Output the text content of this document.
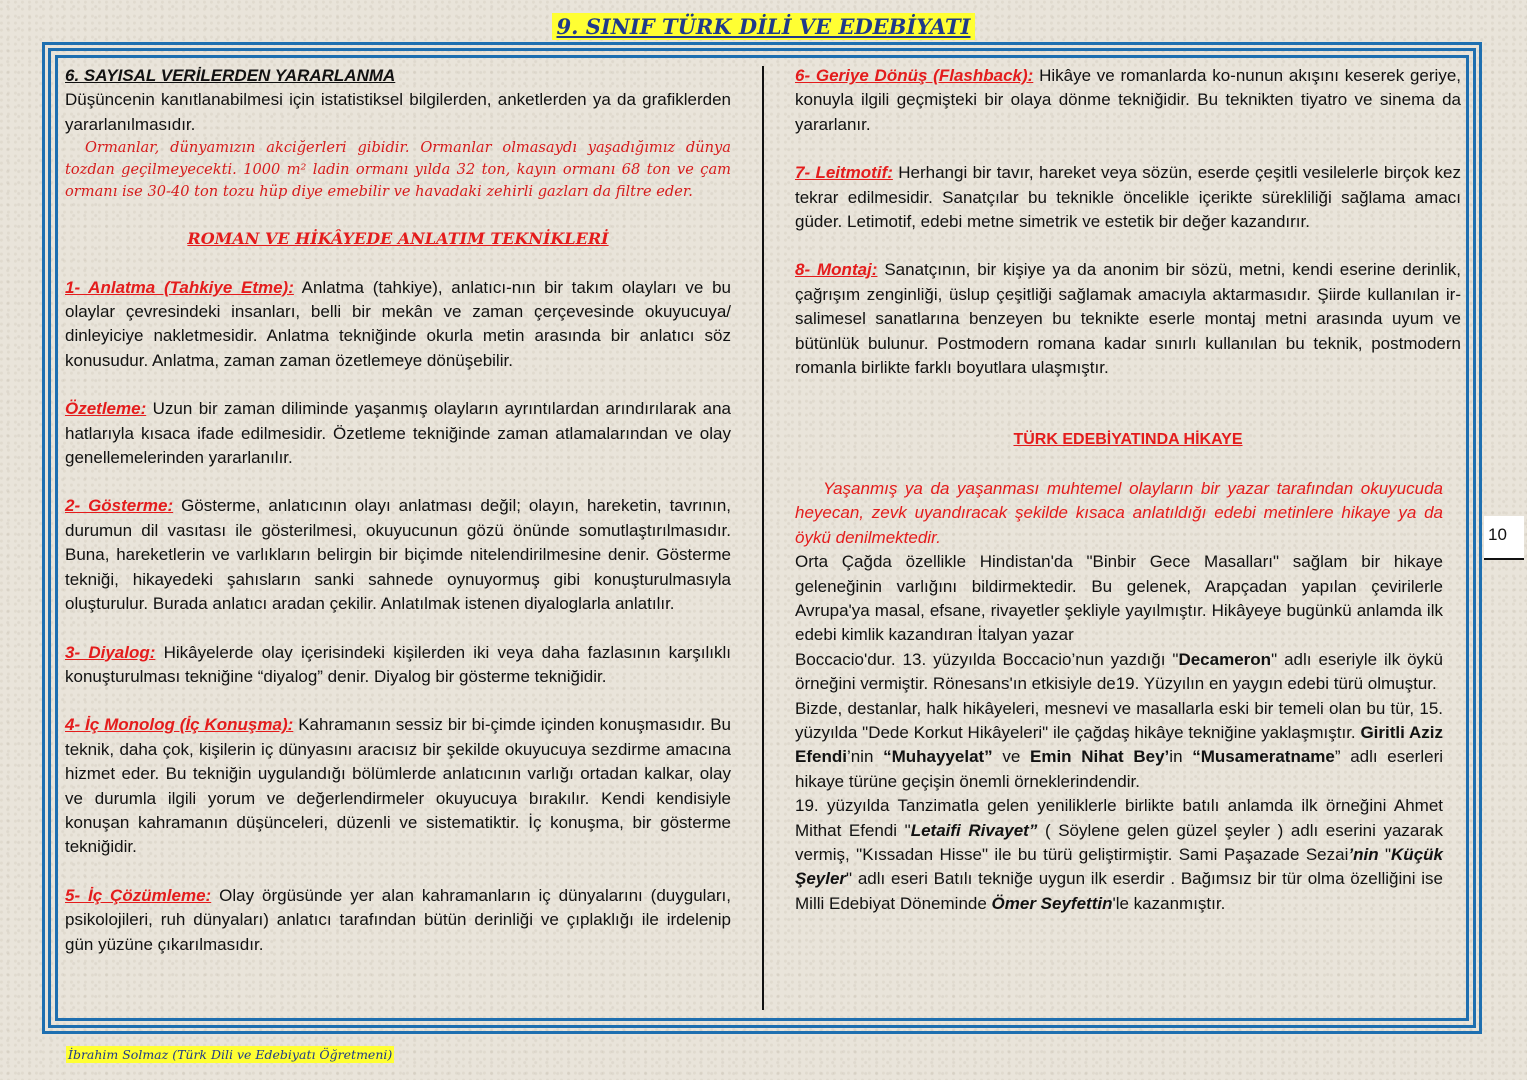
9. SINIF TÜRK DİLİ VE EDEBİYATI

6. SAYISAL VERİLERDEN YARARLANMA

Düşüncenin kanıtlanabilmesi için istatistiksel bilgilerden, anketlerden ya da grafiklerden yararlanılmasıdır.

Ormanlar, dünyamızın akciğerleri gibidir. Ormanlar olmasaydı yaşadığımız dünya tozdan geçilmeyecekti. 1000 m² ladin ormanı yılda 32 ton, kayın ormanı 68 ton ve çam ormanı ise 30-40 ton tozu hüp diye emebilir ve havadaki zehirli gazları da filtre eder.

ROMAN VE HİKÂYEDE ANLATIM TEKNİKLERİ

1- Anlatma (Tahkiye Etme): Anlatma (tahkiye), anlatıcı-nın bir takım olayları ve bu olaylar çevresindeki insanları, belli bir mekân ve zaman çerçevesinde okuyucuya/ dinleyiciye nakletmesidir. Anlatma tekniğinde okurla metin arasında bir anlatıcı söz konusudur. Anlatma, zaman zaman özetlemeye dönüşebilir.

Özetleme: Uzun bir zaman diliminde yaşanmış olayların ayrıntılardan arındırılarak ana hatlarıyla kısaca ifade edilmesidir. Özetleme tekniğinde zaman atlamalarından ve olay genellemelerinden yararlanılır.

2- Gösterme: Gösterme, anlatıcının olayı anlatması değil; olayın, hareketin, tavrının, durumun dil vasıtası ile gösterilmesi, okuyucunun gözü önünde somutlaştırılmasıdır. Buna, hareketlerin ve varlıkların belirgin bir biçimde nitelendirilmesine denir. Gösterme tekniği, hikayedeki şahısların sanki sahnede oynuyormuş gibi konuşturulmasıyla oluşturulur. Burada anlatıcı aradan çekilir. Anlatılmak istenen diyaloglarla anlatılır.

3- Diyalog: Hikâyelerde olay içerisindeki kişilerden iki veya daha fazlasının karşılıklı konuşturulması tekniğine “diyalog” denir. Diyalog bir gösterme tekniğidir.

4- İç Monolog (İç Konuşma): Kahramanın sessiz bir bi-çimde içinden konuşmasıdır. Bu teknik, daha çok, kişilerin iç dünyasını aracısız bir şekilde okuyucuya sezdirme amacına hizmet eder. Bu tekniğin uygulandığı bölümlerde anlatıcının varlığı ortadan kalkar, olay ve durumla ilgili yorum ve değerlendirmeler okuyucuya bırakılır. Kendi kendisiyle konuşan kahramanın düşünceleri, düzenli ve sistematiktir. İç konuşma, bir gösterme tekniğidir.

5- İç Çözümleme: Olay örgüsünde yer alan kahramanların iç dünyalarını (duyguları, psikolojileri, ruh dünyaları) anlatıcı tarafından bütün derinliği ve çıplaklığı ile irdelenip gün yüzüne çıkarılmasıdır.

6- Geriye Dönüş (Flashback): Hikâye ve romanlarda ko-nunun akışını keserek geriye, konuyla ilgili geçmişteki bir olaya dönme tekniğidir. Bu teknikten tiyatro ve sinema da yararlanır.

7- Leitmotif: Herhangi bir tavır, hareket veya sözün, eserde çeşitli vesilelerle birçok kez tekrar edilmesidir. Sanatçılar bu teknikle öncelikle içerikte sürekliliği sağlama amacı güder. Letimotif, edebi metne simetrik ve estetik bir değer kazandırır.

8- Montaj: Sanatçının, bir kişiye ya da anonim bir sözü, metni, kendi eserine derinlik, çağrışım zenginliği, üslup çeşitliği sağlamak amacıyla aktarmasıdır. Şiirde kullanılan ir-salimesel sanatlarına benzeyen bu teknikte eserle montaj metni arasında uyum ve bütünlük bulunur. Postmodern romana kadar sınırlı kullanılan bu teknik, postmodern romanla birlikte farklı boyutlara ulaşmıştır.

TÜRK EDEBİYATINDA HİKAYE

Yaşanmış ya da yaşanması muhtemel olayların bir yazar tarafından okuyucuda heyecan, zevk uyandıracak şekilde kısaca anlatıldığı edebi metinlere hikaye ya da öykü denilmektedir.

Orta Çağda özellikle Hindistan'da "Binbir Gece Masalları" sağlam bir hikaye geleneğinin varlığını bildirmektedir. Bu gelenek, Arapçadan yapılan çevirilerle Avrupa'ya masal, efsane, rivayetler şekliyle yayılmıştır. Hikâyeye bugünkü anlamda ilk edebi kimlik kazandıran İtalyan yazar

Boccacio'dur. 13. yüzyılda Boccacio’nun yazdığı "Decameron" adlı eseriyle ilk öykü örneğini vermiştir. Rönesans'ın etkisiyle de19. Yüzyılın en yaygın edebi türü olmuştur.

Bizde, destanlar, halk hikâyeleri, mesnevi ve masallarla eski bir temeli olan bu tür, 15. yüzyılda "Dede Korkut Hikâyeleri" ile çağdaş hikâye tekniğine yaklaşmıştır. Giritli Aziz Efendi’nin “Muhayyelat” ve Emin Nihat Bey’in “Musameratname” adlı eserleri hikaye türüne geçişin önemli örneklerindendir.

19. yüzyılda Tanzimatla gelen yeniliklerle birlikte batılı anlamda ilk örneğini Ahmet Mithat Efendi "Letaifi Rivayet” ( Söylene gelen güzel şeyler ) adlı eserini yazarak vermiş, "Kıssadan Hisse" ile bu türü geliştirmiştir. Sami Paşazade Sezai’nin "Küçük Şeyler" adlı eseri Batılı tekniğe uygun ilk eserdir . Bağımsız bir tür olma özelliğini ise Milli Edebiyat Döneminde Ömer Seyfettin'le kazanmıştır.

10
İbrahim Solmaz (Türk Dili ve Edebiyatı Öğretmeni)
